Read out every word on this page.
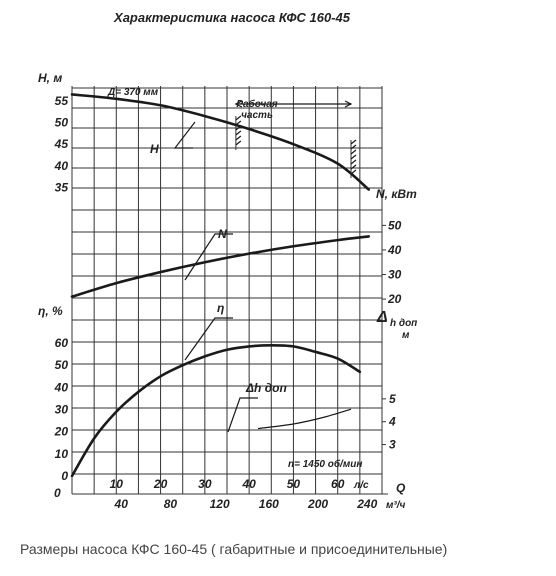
Характеристика насоса КФС 160-45
H
N
η
Δh доп
35
40
45
50
55
0
10
20
30
40
50
60
20
30
40
50
3
4
5
10	20	30	40	50	60
40	80	120 160 200 240
H, м
N, кВт
η, %	Δ h доп
м
Д= 370 мм
Рабочая
часть
n= 1450 об/мин
Q
л/с
м³/ч
0
Размеры насоса КФС 160-45 ( габаритные и присоединительные)
